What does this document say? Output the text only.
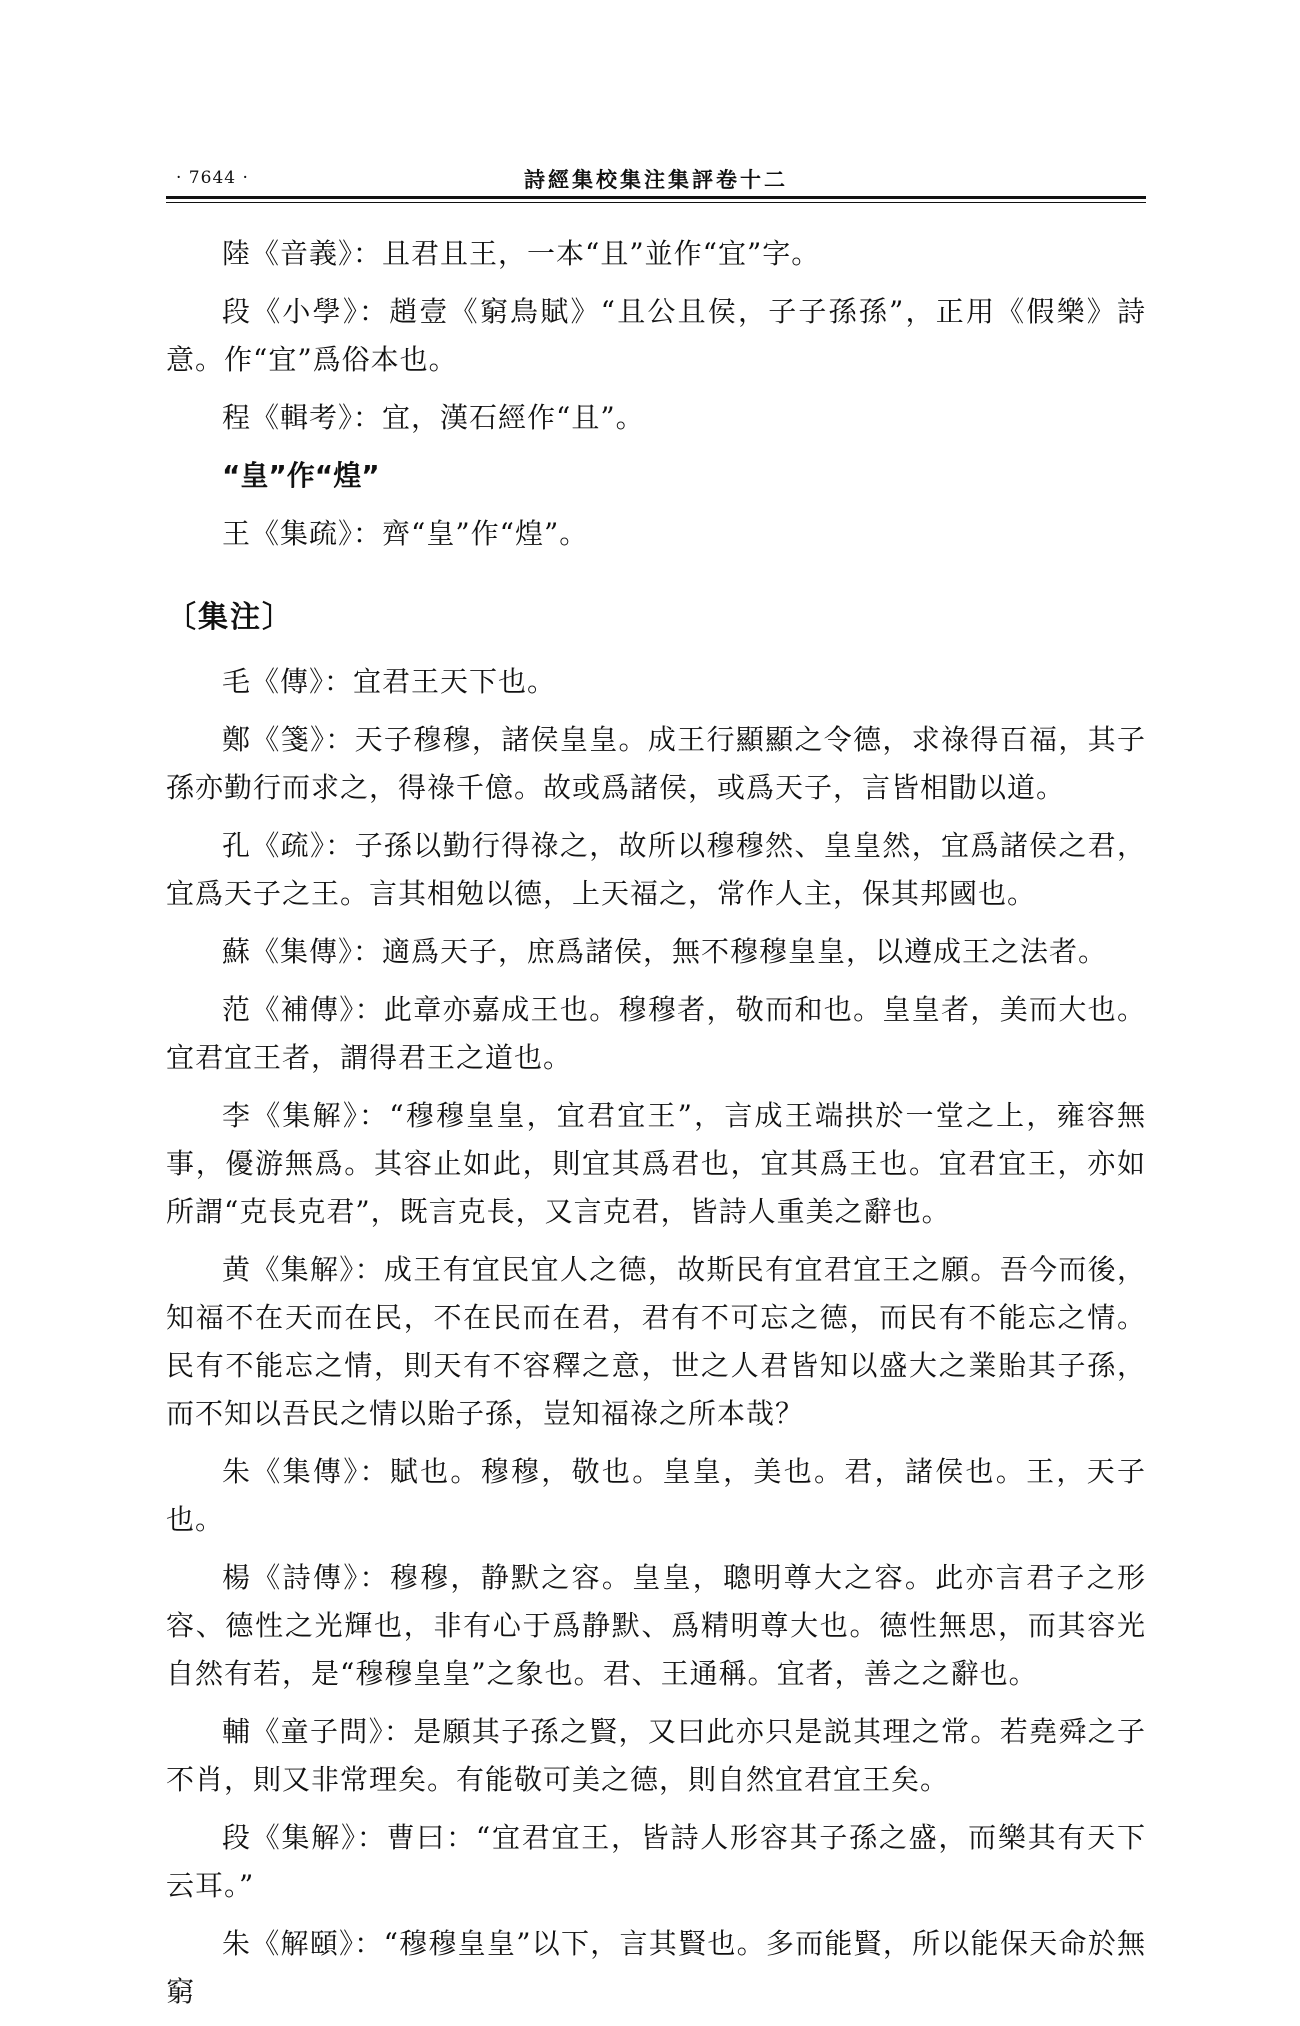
· 7644 ·	詩經集校集注集評卷十二

陸《音義》：且君且王，一本“且”並作“宜”字。

段《小學》：趙壹《窮鳥賦》“且公且侯，子子孫孫”，正用《假樂》詩意。作“宜”爲俗本也。

程《輯考》：宜，漢石經作“且”。

“皇”作“煌”

王《集疏》：齊“皇”作“煌”。

〔集注〕

毛《傳》：宜君王天下也。

鄭《箋》：天子穆穆，諸侯皇皇。成王行顯顯之令德，求祿得百福，其子孫亦勤行而求之，得祿千億。故或爲諸侯，或爲天子，言皆相勖以道。

孔《疏》：子孫以勤行得祿之，故所以穆穆然、皇皇然，宜爲諸侯之君，宜爲天子之王。言其相勉以德，上天福之，常作人主，保其邦國也。

蘇《集傳》：適爲天子，庶爲諸侯，無不穆穆皇皇，以遵成王之法者。

范《補傳》：此章亦嘉成王也。穆穆者，敬而和也。皇皇者，美而大也。宜君宜王者，謂得君王之道也。

李《集解》：“穆穆皇皇，宜君宜王”，言成王端拱於一堂之上，雍容無事，優游無爲。其容止如此，則宜其爲君也，宜其爲王也。宜君宜王，亦如所謂“克長克君”，既言克長，又言克君，皆詩人重美之辭也。

黄《集解》：成王有宜民宜人之德，故斯民有宜君宜王之願。吾今而後，知福不在天而在民，不在民而在君，君有不可忘之德，而民有不能忘之情。民有不能忘之情，則天有不容釋之意，世之人君皆知以盛大之業貽其子孫，而不知以吾民之情以貽子孫，豈知福祿之所本哉？

朱《集傳》：賦也。穆穆，敬也。皇皇，美也。君，諸侯也。王，天子也。

楊《詩傳》：穆穆，静默之容。皇皇，聰明尊大之容。此亦言君子之形容、德性之光輝也，非有心于爲静默、爲精明尊大也。德性無思，而其容光自然有若，是“穆穆皇皇”之象也。君、王通稱。宜者，善之之辭也。

輔《童子問》：是願其子孫之賢，又曰此亦只是説其理之常。若堯舜之子不肖，則又非常理矣。有能敬可美之德，則自然宜君宜王矣。

段《集解》：曹曰：“宜君宜王，皆詩人形容其子孫之盛，而樂其有天下云耳。”

朱《解頤》：“穆穆皇皇”以下，言其賢也。多而能賢，所以能保天命於無窮
